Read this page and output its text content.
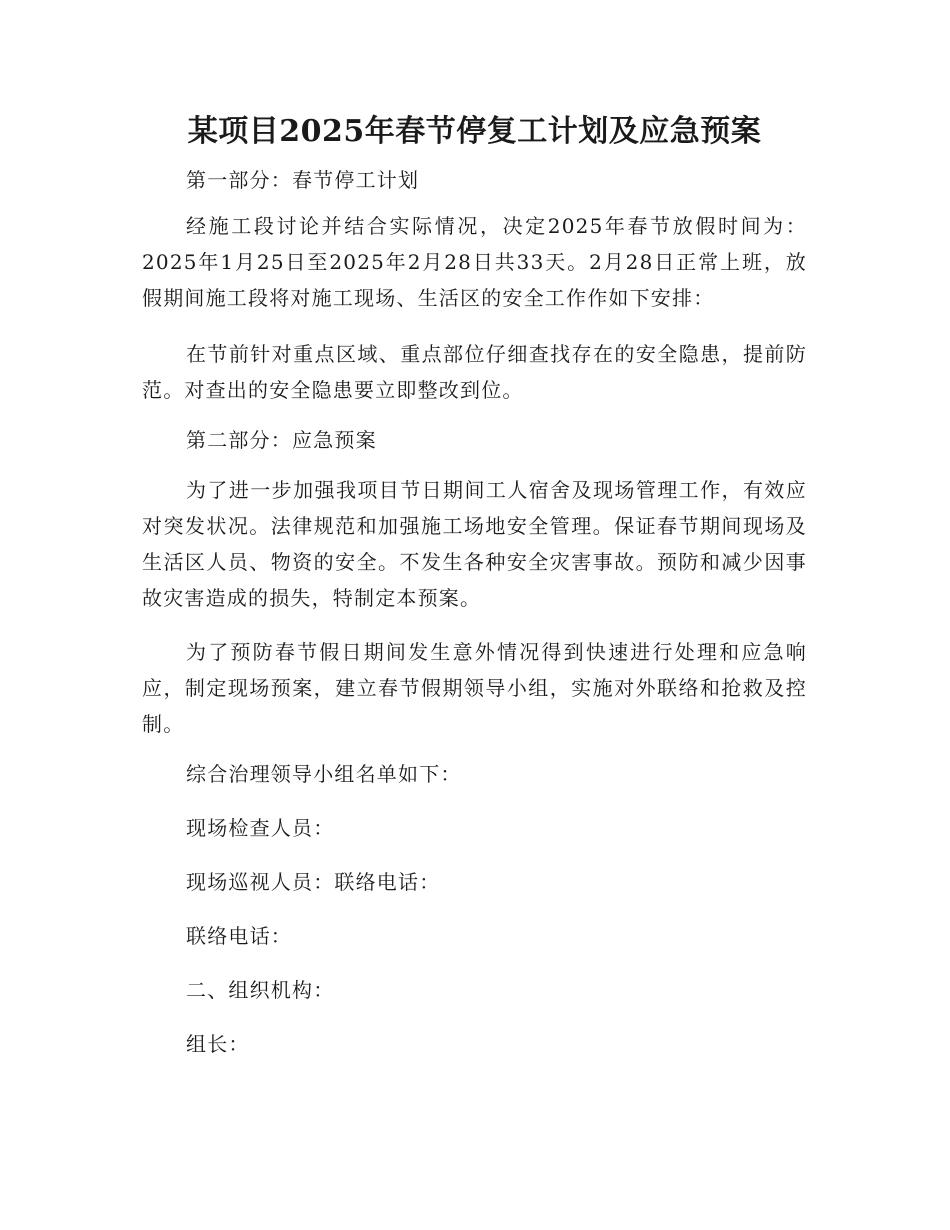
某项目2025年春节停复工计划及应急预案

第一部分：春节停工计划

经施工段讨论并结合实际情况，决定2025年春节放假时间为：2025年1月25日至2025年2月28日共33天。2月28日正常上班，放假期间施工段将对施工现场、生活区的安全工作作如下安排：

在节前针对重点区域、重点部位仔细查找存在的安全隐患，提前防范。对查出的安全隐患要立即整改到位。

第二部分：应急预案

为了进一步加强我项目节日期间工人宿舍及现场管理工作，有效应对突发状况。法律规范和加强施工场地安全管理。保证春节期间现场及生活区人员、物资的安全。不发生各种安全灾害事故。预防和减少因事故灾害造成的损失，特制定本预案。

为了预防春节假日期间发生意外情况得到快速进行处理和应急响应，制定现场预案，建立春节假期领导小组，实施对外联络和抢救及控制。

综合治理领导小组名单如下：

现场检查人员：

现场巡视人员：联络电话：

联络电话：

二、组织机构：

组长：
